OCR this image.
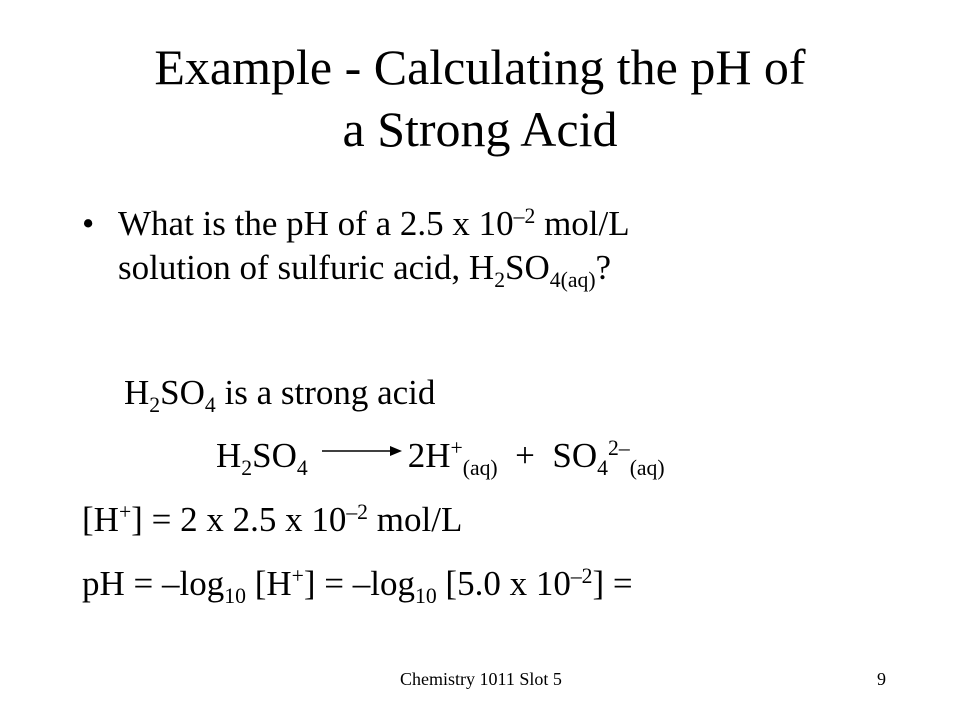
Example - Calculating the pH of
a Strong Acid
• What is the pH of a 2.5 x $10^{-2}$ mol/L
solution of sulfuric acid, $H_2SO_{4(aq)}$?
$H_2SO_4$ is a strong acid
$H_2SO_4$	$2H^+_{(aq)} + SO_4^{2-}_{(aq)}$
[H+] = 2 x 2.5 x $10^{-2}$ mol/L
pH = $-\log_{10}$ $[H^+] = -\log_{10}$ [5.0 x $10^{-2}$] =
Chemistry 1011 Slot 5	9
